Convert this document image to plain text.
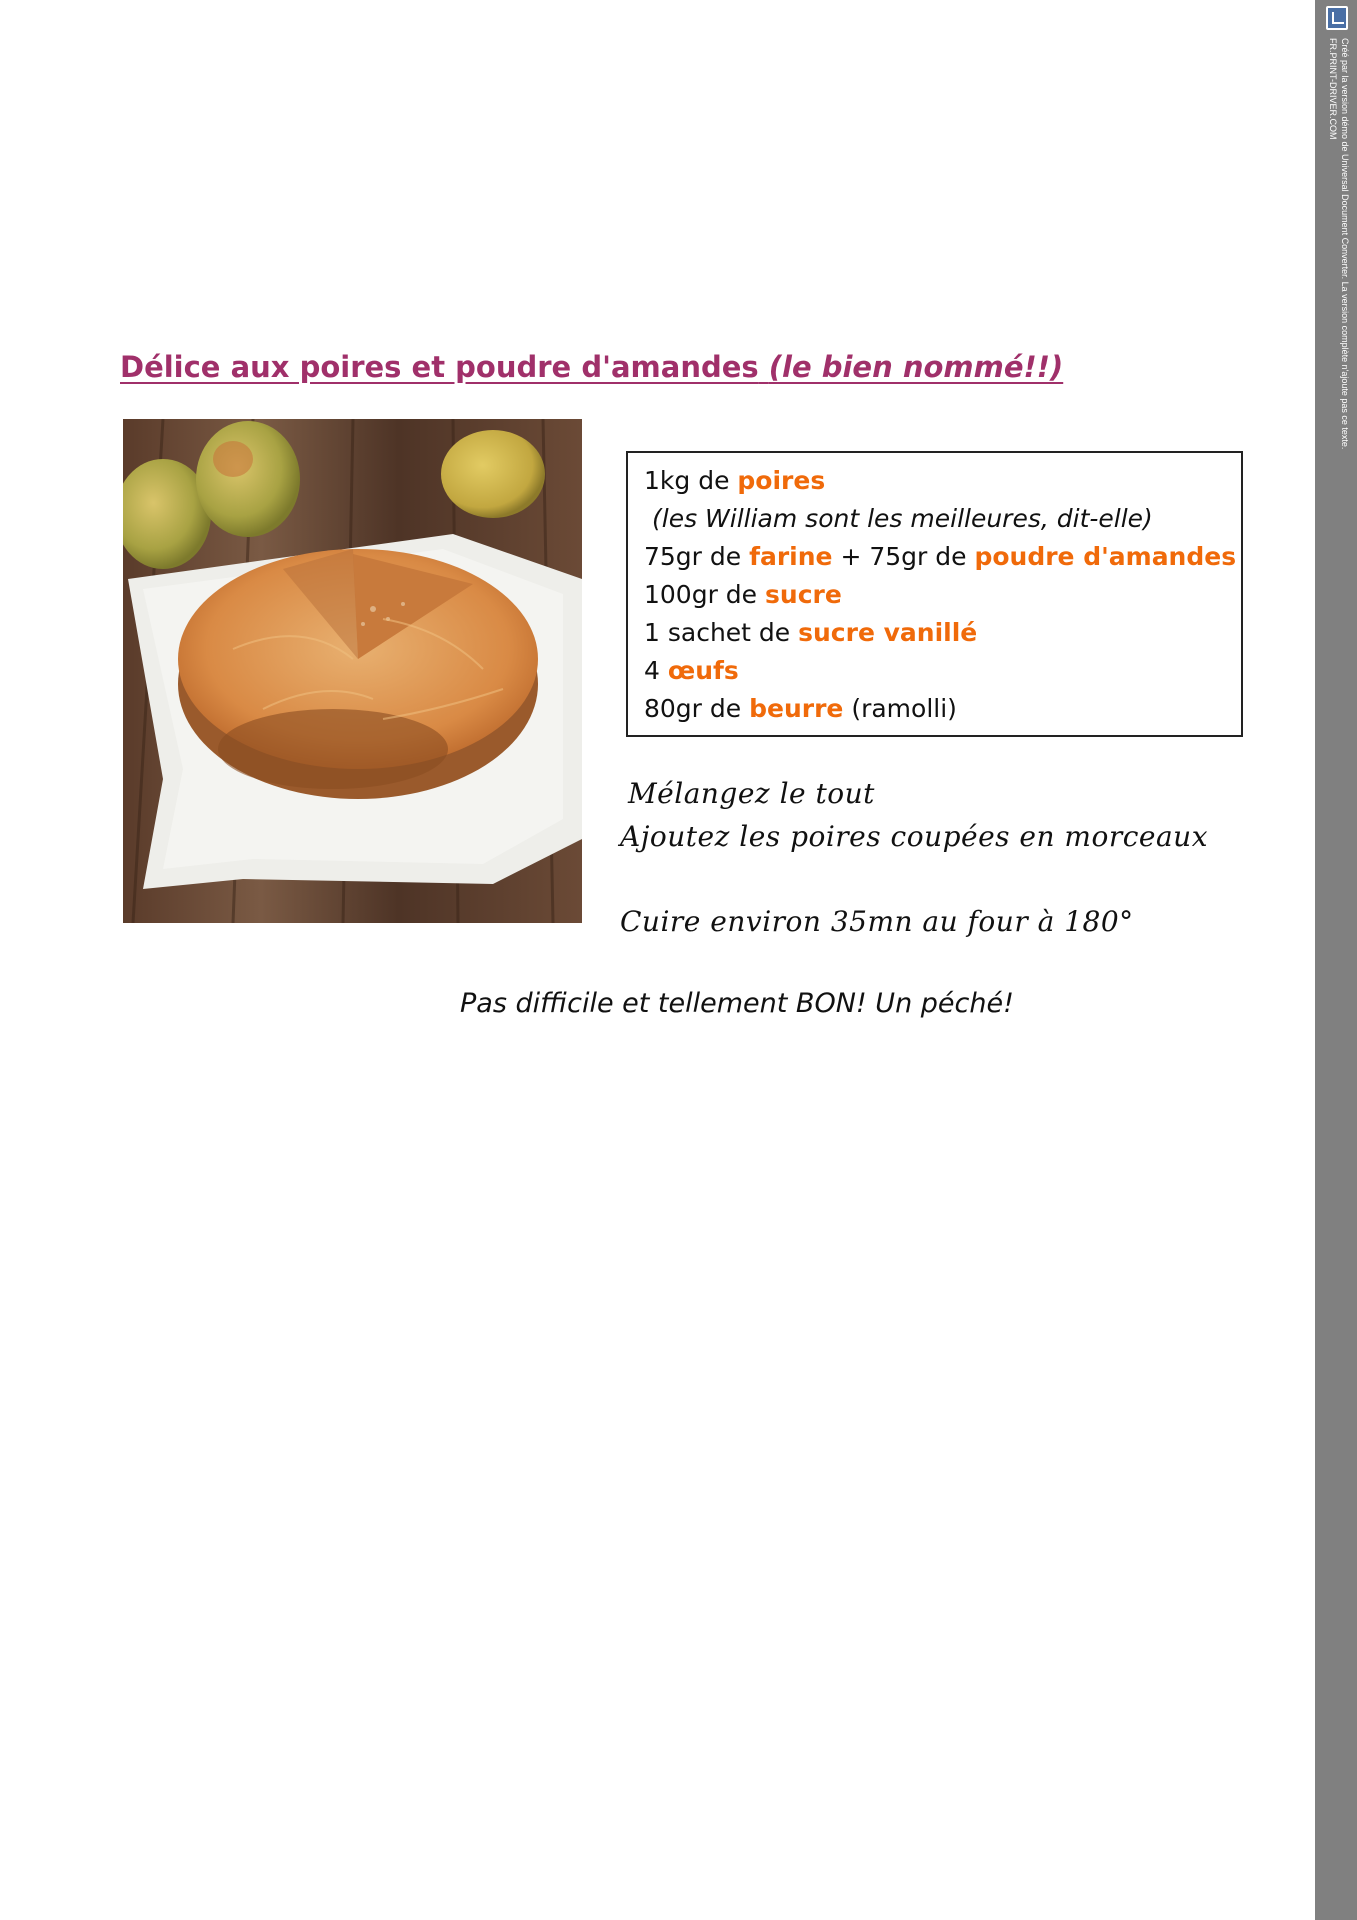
Créé par la version démo de Universal Document Converter. La version complète n'ajoute pas ce texte.
FR.PRINT-DRIVER.COM
Délice aux poires et poudre d'amandes (le bien nommé!!)
1kg de poires
(les William sont les meilleures, dit-elle)
75gr de farine + 75gr de poudre d'amandes
100gr de sucre
1 sachet de sucre vanillé
4 œufs
80gr de beurre (ramolli)
Mélangez le tout
Ajoutez les poires coupées en morceaux
Cuire environ 35mn au four à 180°
Pas difficile et tellement BON! Un péché!
